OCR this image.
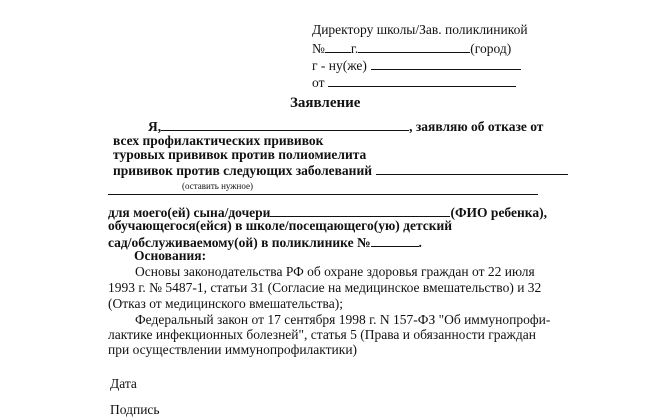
Директору школы/Зав. поликлиникой
№ г.	(город)
г - ну(же)
от
Заявление
Я,	, заявляю об отказе от
всех профилактических прививок
туровых прививок против полиомиелита
прививок против следующих заболеваний
(оставить нужное)
для моего(ей) сына/дочери	(ФИО ребенка),
обучающегося(ейся) в школе/посещающего(ую) детский
сад/обслуживаемому(ой) в поликлинике №	.
Основания:
Основы законодательства РФ об охране здоровья граждан от 22 июля
1993 г. № 5487-1, статьи 31 (Согласие на медицинское вмешательство) и 32
(Отказ от медицинского вмешательства);
Федеральный закон от 17 сентября 1998 г. N 157-ФЗ "Об иммунопрофи-
лактике инфекционных болезней", статья 5 (Права и обязанности граждан
при осуществлении иммунопрофилактики)
Дата
Подпись
